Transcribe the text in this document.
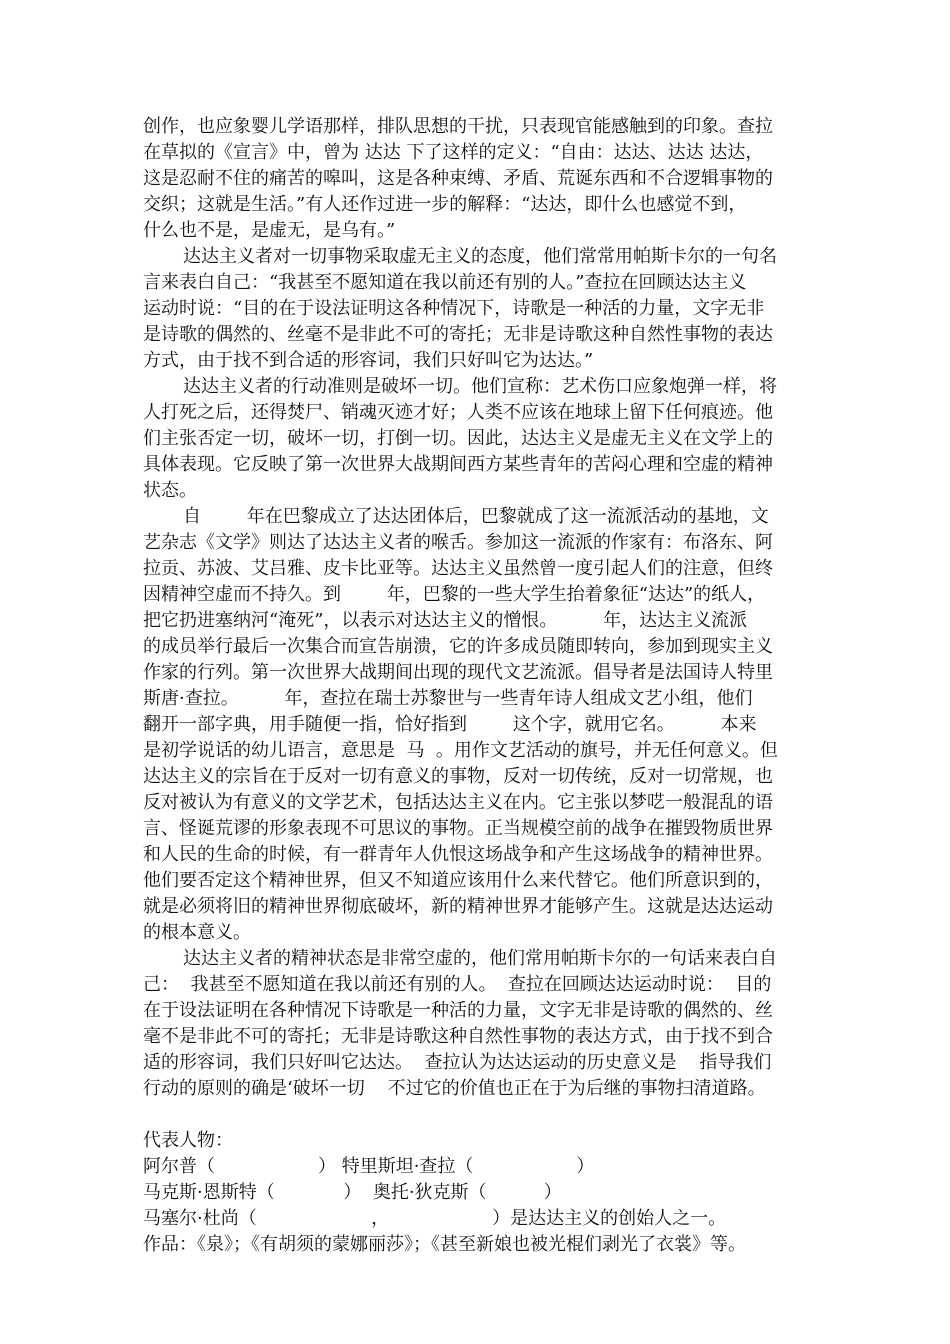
创作，也应象婴儿学语那样，排队思想的干扰，只表现官能感触到的印象。查拉
在草拟的《宣言》中，曾为 达达 下了这样的定义：“自由：达达、达达 达达，
这是忍耐不住的痛苦的嗥叫，这是各种束缚、矛盾、荒诞东西和不合逻辑事物的
交织；这就是生活。”有人还作过进一步的解释：“达达，即什么也感觉不到，
什么也不是，是虚无，是乌有。”
达达主义者对一切事物采取虚无主义的态度，他们常常用帕斯卡尔的一句名
言来表白自己：“我甚至不愿知道在我以前还有别的人。”查拉在回顾达达主义
运动时说：“目的在于设法证明这各种情况下，诗歌是一种活的力量，文字无非
是诗歌的偶然的、丝毫不是非此不可的寄托；无非是诗歌这种自然性事物的表达
方式，由于找不到合适的形容词，我们只好叫它为达达。”
达达主义者的行动准则是破坏一切。他们宣称：艺术伤口应象炮弹一样，将
人打死之后，还得焚尸、销魂灭迹才好；人类不应该在地球上留下任何痕迹。他
们主张否定一切，破坏一切，打倒一切。因此，达达主义是虚无主义在文学上的
具体表现。它反映了第一次世界大战期间西方某些青年的苦闷心理和空虚的精神
状态。
自        年在巴黎成立了达达团体后，巴黎就成了这一流派活动的基地，文
艺杂志《文学》则达了达达主义者的喉舌。参加这一流派的作家有：布洛东、阿
拉贡、苏波、艾吕雅、皮卡比亚等。达达主义虽然曾一度引起人们的注意，但终
因精神空虚而不持久。到        年，巴黎的一些大学生抬着象征“达达”的纸人，
把它扔进塞纳河“淹死”，以表示对达达主义的憎恨。        年，达达主义流派
的成员举行最后一次集合而宣告崩溃，它的许多成员随即转向，参加到现实主义
作家的行列。第一次世界大战期间出现的现代文艺流派。倡导者是法国诗人特里
斯唐·查拉。        年，查拉在瑞士苏黎世与一些青年诗人组成文艺小组，他们
翻开一部字典，用手随便一指，恰好指到        这个字，就用它名。        本来
是初学说话的幼儿语言，意思是  马  。用作文艺活动的旗号，并无任何意义。但
达达主义的宗旨在于反对一切有意义的事物，反对一切传统，反对一切常规，也
反对被认为有意义的文学艺术，包括达达主义在内。它主张以梦呓一般混乱的语
言、怪诞荒谬的形象表现不可思议的事物。正当规模空前的战争在摧毁物质世界
和人民的生命的时候，有一群青年人仇恨这场战争和产生这场战争的精神世界。
他们要否定这个精神世界，但又不知道应该用什么来代替它。他们所意识到的，
就是必须将旧的精神世界彻底破坏，新的精神世界才能够产生。这就是达达运动
的根本意义。
达达主义者的精神状态是非常空虚的，他们常用帕斯卡尔的一句话来表白自
己：  我甚至不愿知道在我以前还有别的人。  查拉在回顾达达运动时说：  目的
在于设法证明在各种情况下诗歌是一种活的力量，文字无非是诗歌的偶然的、丝
毫不是非此不可的寄托；无非是诗歌这种自然性事物的表达方式，由于找不到合
适的形容词，我们只好叫它达达。  查拉认为达达运动的历史意义是    指导我们
行动的原则的确是‘破坏一切    不过它的价值也正在于为后继的事物扫清道路。
代表人物：
阿尔普（                  ） 特里斯坦·查拉（                  ）
马克斯·恩斯特（            ）  奥托·狄克斯（          ）
马塞尔·杜尚（                    ，                  ）是达达主义的创始人之一。
作品：《泉》；《有胡须的蒙娜丽莎》；《甚至新娘也被光棍们剥光了衣裳》等。
